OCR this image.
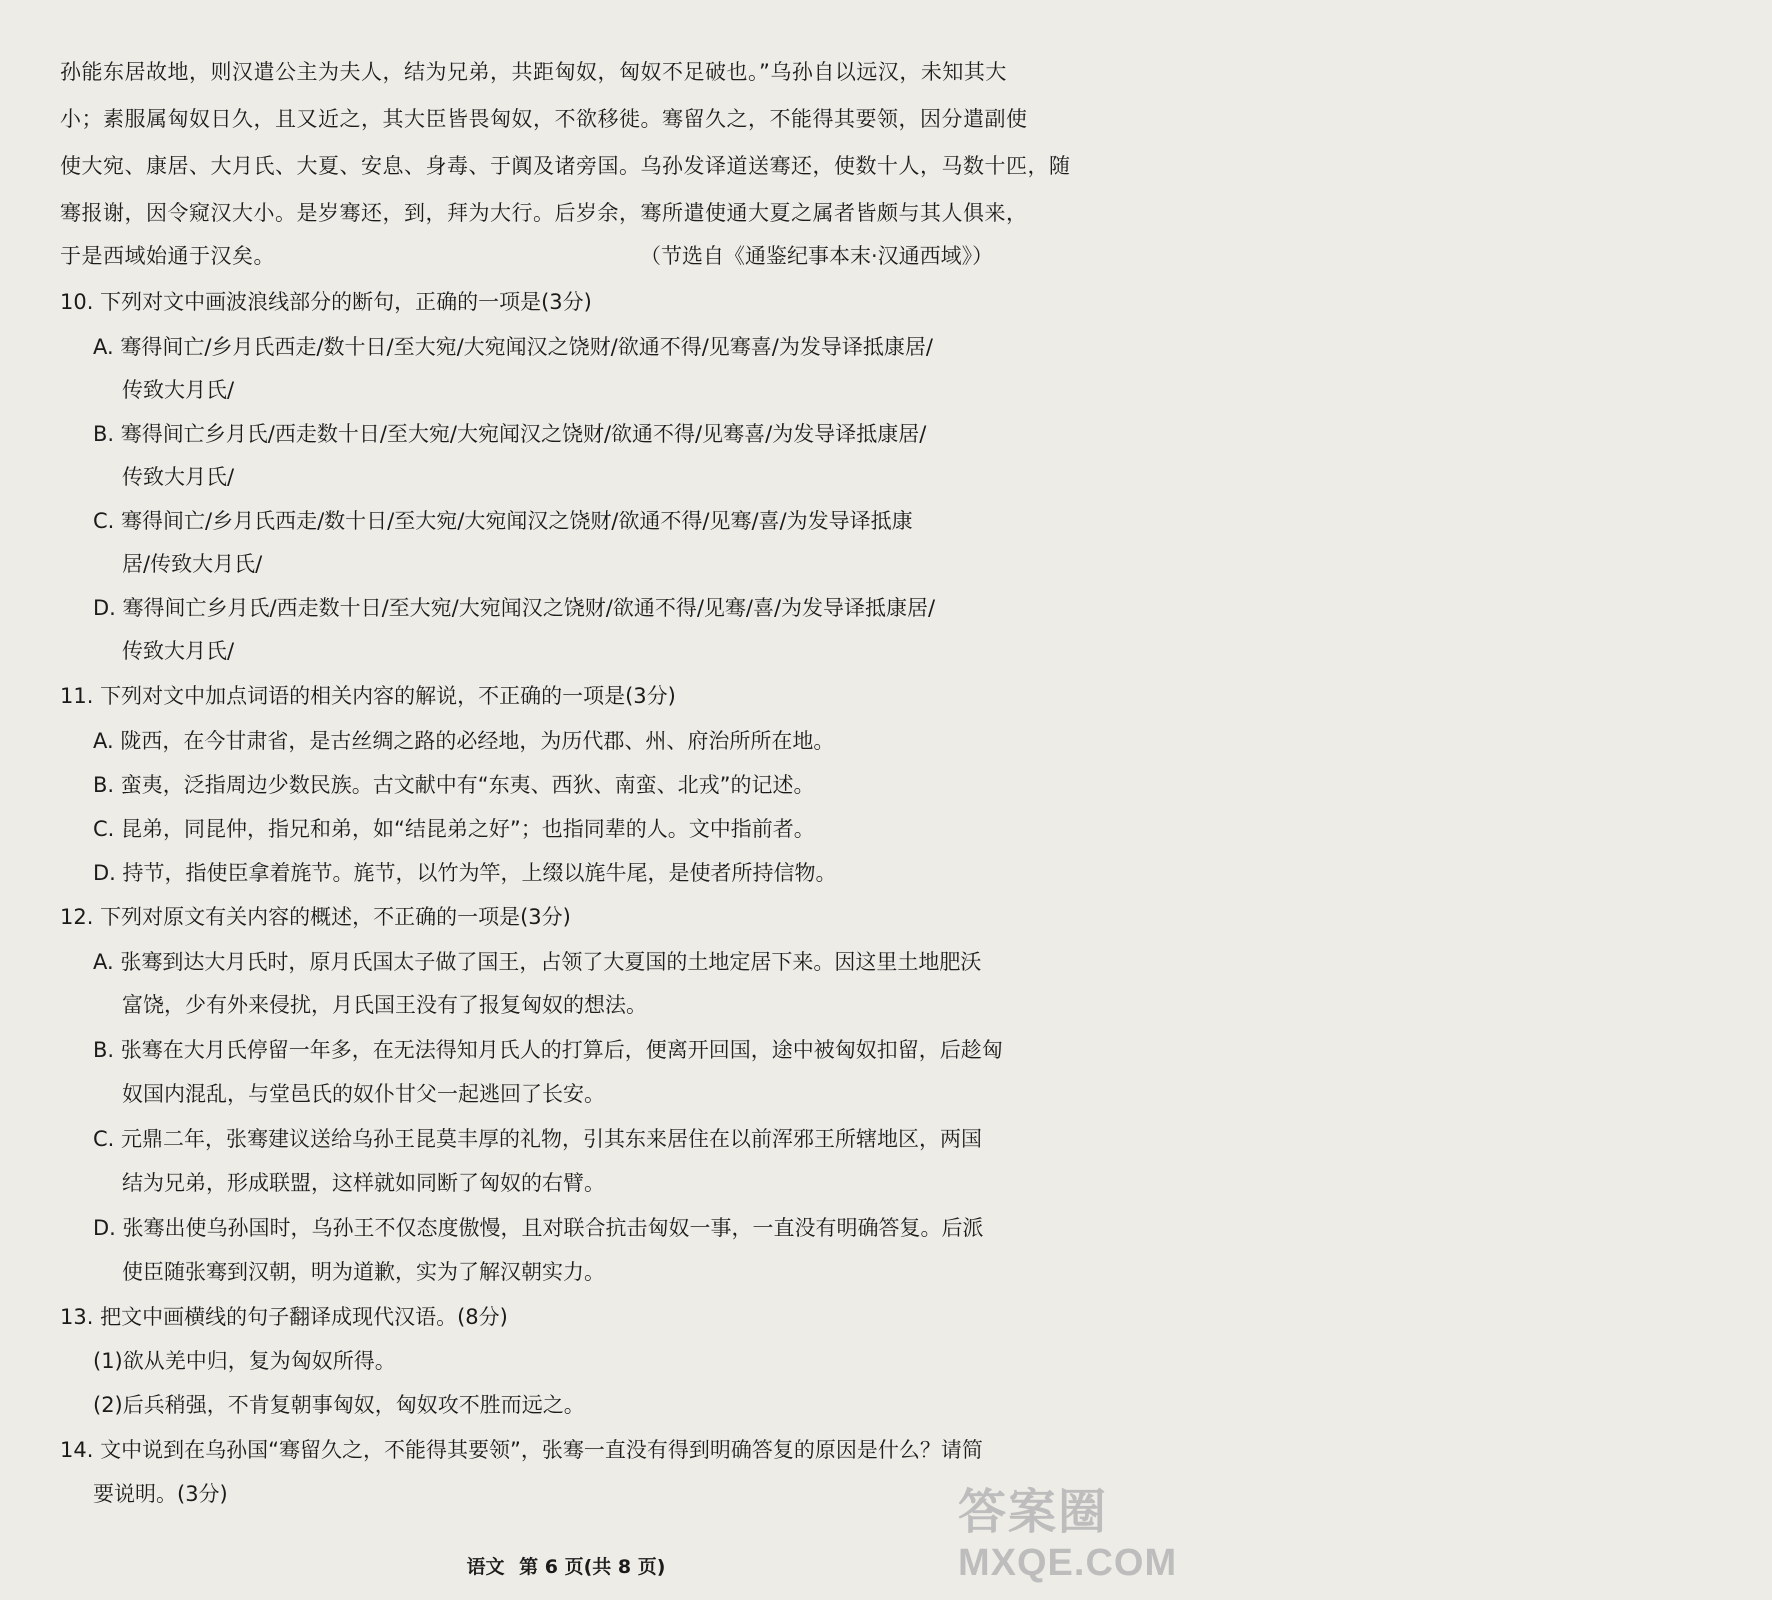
孙能东居故地，则汉遣公主为夫人，结为兄弟，共距匈奴，匈奴不足破也。”乌孙自以远汉，未知其大
小；素服属匈奴日久，且又近之，其大臣皆畏匈奴，不欲移徙。骞留久之，不能得其要领，因分遣副使
使大宛、康居、大月氏、大夏、安息、身毒、于阗及诸旁国。乌孙发译道送骞还，使数十人，马数十匹，随
骞报谢，因令窥汉大小。是岁骞还，到，拜为大行。后岁余，骞所遣使通大夏之属者皆颇与其人俱来，
于是西域始通于汉矣。	（节选自《通鉴纪事本末·汉通西域》）
10. 下列对文中画波浪线部分的断句，正确的一项是(3分)
A. 骞得间亡/乡月氏西走/数十日/至大宛/大宛闻汉之饶财/欲通不得/见骞喜/为发导译抵康居/
传致大月氏/
B. 骞得间亡乡月氏/西走数十日/至大宛/大宛闻汉之饶财/欲通不得/见骞喜/为发导译抵康居/
传致大月氏/
C. 骞得间亡/乡月氏西走/数十日/至大宛/大宛闻汉之饶财/欲通不得/见骞/喜/为发导译抵康
居/传致大月氏/
D. 骞得间亡乡月氏/西走数十日/至大宛/大宛闻汉之饶财/欲通不得/见骞/喜/为发导译抵康居/
传致大月氏/
11. 下列对文中加点词语的相关内容的解说，不正确的一项是(3分)
A. 陇西，在今甘肃省，是古丝绸之路的必经地，为历代郡、州、府治所所在地。
B. 蛮夷，泛指周边少数民族。古文献中有“东夷、西狄、南蛮、北戎”的记述。
C. 昆弟，同昆仲，指兄和弟，如“结昆弟之好”；也指同辈的人。文中指前者。
D. 持节，指使臣拿着旄节。旄节，以竹为竿，上缀以旄牛尾，是使者所持信物。
12. 下列对原文有关内容的概述，不正确的一项是(3分)
A. 张骞到达大月氏时，原月氏国太子做了国王，占领了大夏国的土地定居下来。因这里土地肥沃
富饶，少有外来侵扰，月氏国王没有了报复匈奴的想法。
B. 张骞在大月氏停留一年多，在无法得知月氏人的打算后，便离开回国，途中被匈奴扣留，后趁匈
奴国内混乱，与堂邑氏的奴仆甘父一起逃回了长安。
C. 元鼎二年，张骞建议送给乌孙王昆莫丰厚的礼物，引其东来居住在以前浑邪王所辖地区，两国
结为兄弟，形成联盟，这样就如同断了匈奴的右臂。
D. 张骞出使乌孙国时，乌孙王不仅态度傲慢，且对联合抗击匈奴一事，一直没有明确答复。后派
使臣随张骞到汉朝，明为道歉，实为了解汉朝实力。
13. 把文中画横线的句子翻译成现代汉语。(8分)
(1)欲从羌中归，复为匈奴所得。
(2)后兵稍强，不肯复朝事匈奴，匈奴攻不胜而远之。
14. 文中说到在乌孙国“骞留久之，不能得其要领”，张骞一直没有得到明确答复的原因是什么？请简
要说明。(3分)
语文 第 6 页(共 8 页)
答案圈
MXQE.COM
